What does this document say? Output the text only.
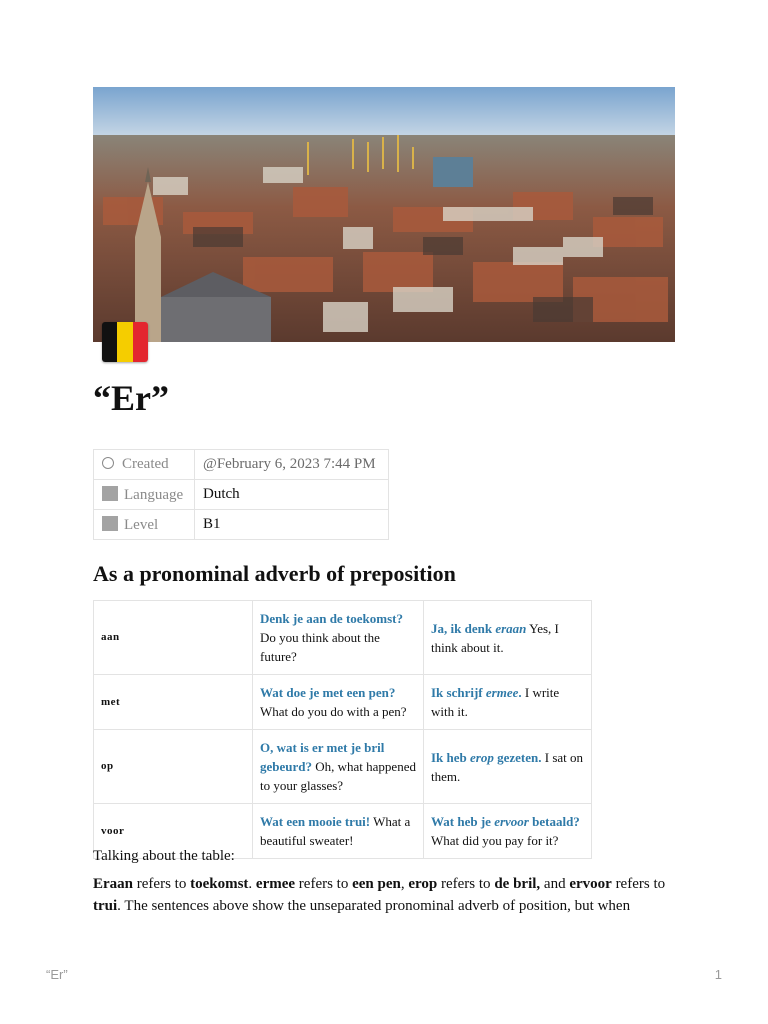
“Er”
Created	@February 6, 2023 7:44 PM
Language	Dutch
Level	B1
As a pronominal adverb of preposition
aan	Denk je aan de toekomst? Do you think about the future?	Ja, ik denk eraan Yes, I think about it.
met	Wat doe je met een pen? What do you do with a pen?	Ik schrijf ermee. I write with it.
op	O, wat is er met je bril gebeurd? Oh, what happened to your glasses?	Ik heb erop gezeten. I sat on them.
voor	Wat een mooie trui! What a beautiful sweater!	Wat heb je ervoor betaald? What did you pay for it?

Talking about the table:

Eraan refers to toekomst. ermee refers to een pen, erop refers to de bril, and ervoor refers to trui. The sentences above show the unseparated pronominal adverb of position, but when

“Er”	1
